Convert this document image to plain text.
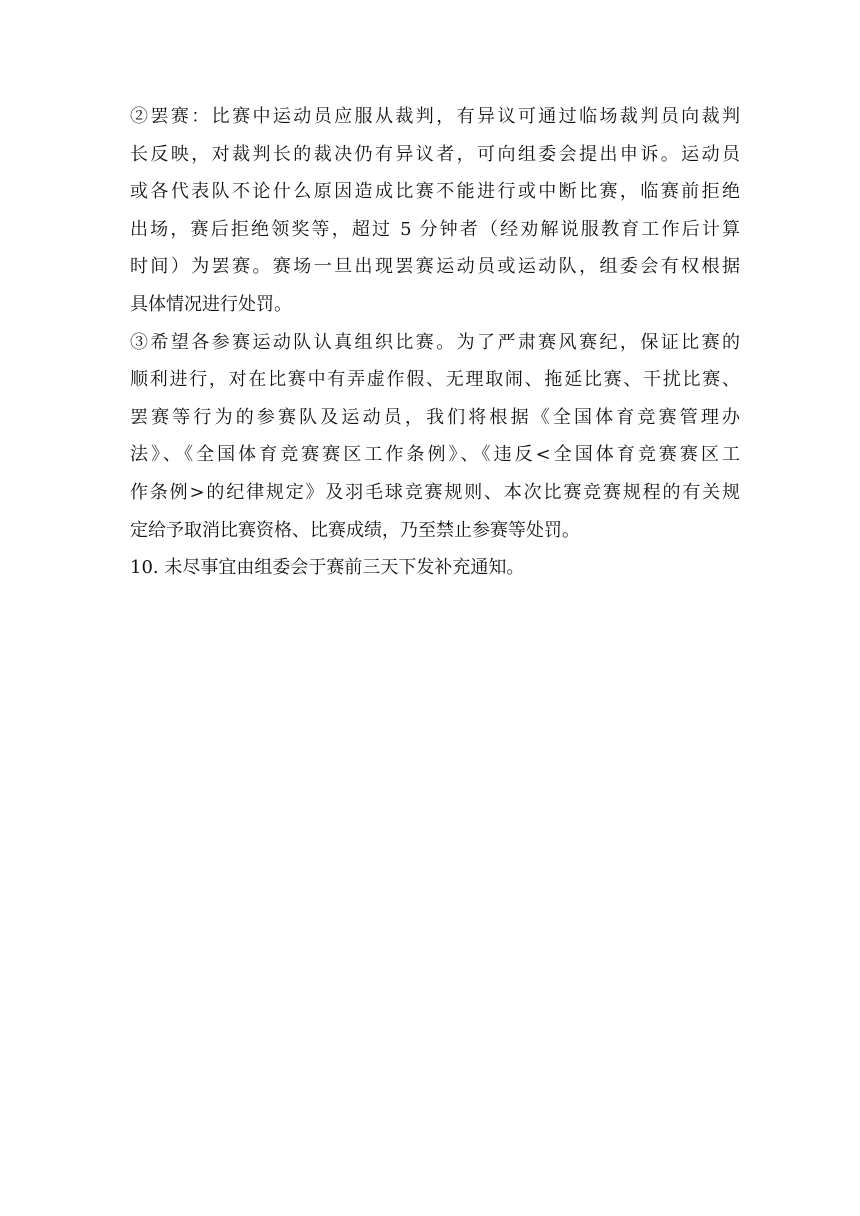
②罢赛：比赛中运动员应服从裁判，有异议可通过临场裁判员向裁判
长反映，对裁判长的裁决仍有异议者，可向组委会提出申诉。运动员
或各代表队不论什么原因造成比赛不能进行或中断比赛，临赛前拒绝
出场，赛后拒绝领奖等，超过 5 分钟者（经劝解说服教育工作后计算
时间）为罢赛。赛场一旦出现罢赛运动员或运动队，组委会有权根据
具体情况进行处罚。
③希望各参赛运动队认真组织比赛。为了严肃赛风赛纪，保证比赛的
顺利进行，对在比赛中有弄虚作假、无理取闹、拖延比赛、干扰比赛、
罢赛等行为的参赛队及运动员，我们将根据《全国体育竞赛管理办
法》、《全国体育竞赛赛区工作条例》、《违反<全国体育竞赛赛区工
作条例>的纪律规定》及羽毛球竞赛规则、本次比赛竞赛规程的有关规
定给予取消比赛资格、比赛成绩，乃至禁止参赛等处罚。
10. 未尽事宜由组委会于赛前三天下发补充通知。
